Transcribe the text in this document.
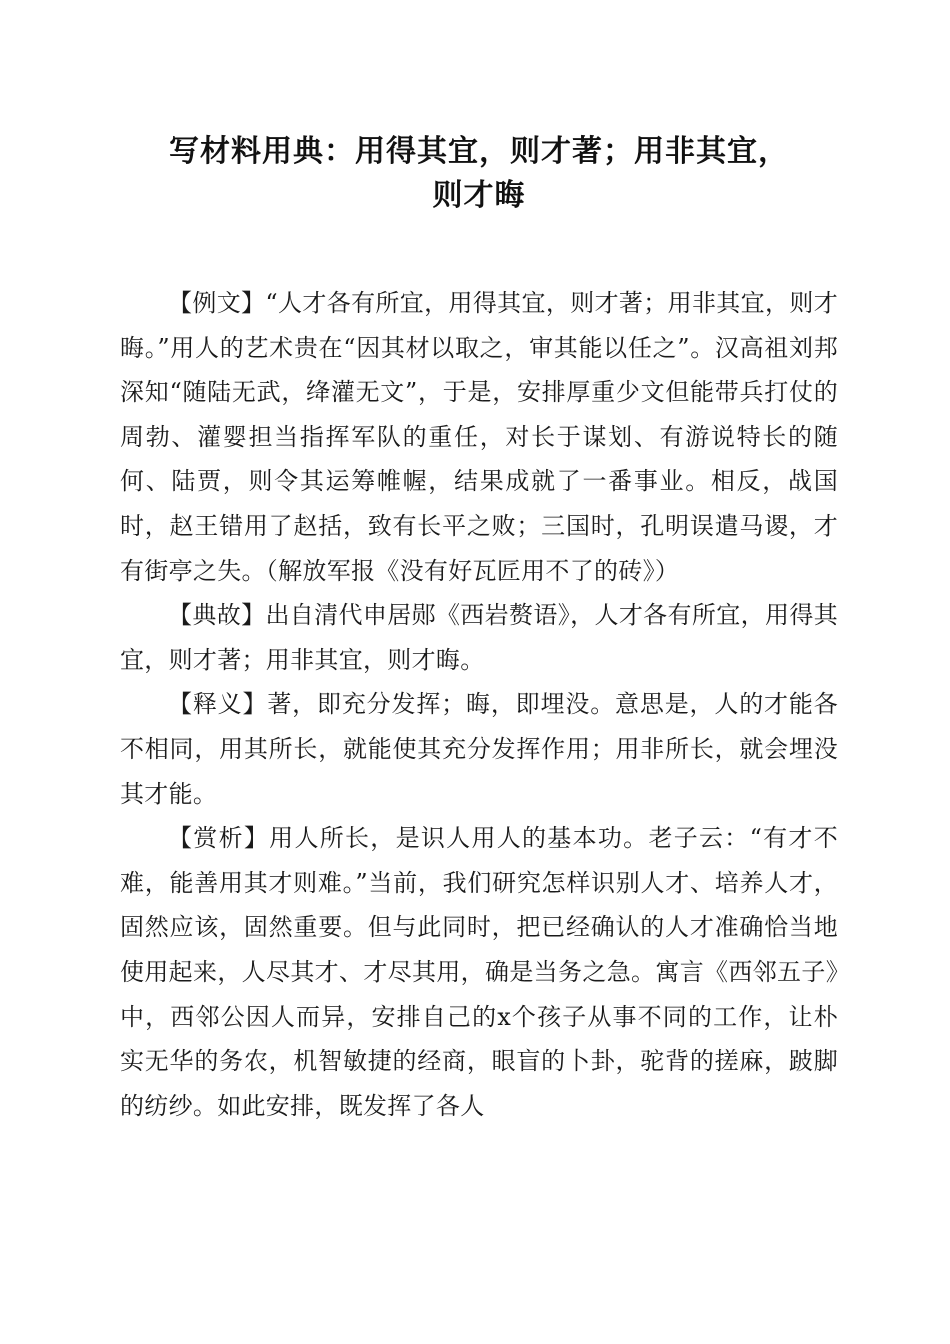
写材料用典：用得其宜，则才著；用非其宜，
则才晦

【例文】“人才各有所宜，用得其宜，则才著；用非其宜，则才晦。”用人的艺术贵在“因其材以取之，审其能以任之”。汉高祖刘邦深知“随陆无武，绛灌无文”，于是，安排厚重少文但能带兵打仗的周勃、灌婴担当指挥军队的重任，对长于谋划、有游说特长的随何、陆贾，则令其运筹帷幄，结果成就了一番事业。相反，战国时，赵王错用了赵括，致有长平之败；三国时，孔明误遣马谡，才有街亭之失。（解放军报《没有好瓦匠用不了的砖》）

【典故】出自清代申居郧《西岩赘语》，人才各有所宜，用得其宜，则才著；用非其宜，则才晦。

【释义】著，即充分发挥；晦，即埋没。意思是，人的才能各不相同，用其所长，就能使其充分发挥作用；用非所长，就会埋没其才能。

【赏析】用人所长，是识人用人的基本功。老子云：“有才不难，能善用其才则难。”当前，我们研究怎样识别人才、培养人才，固然应该，固然重要。但与此同时，把已经确认的人才准确恰当地使用起来，人尽其才、才尽其用，确是当务之急。寓言《西邻五子》中，西邻公因人而异，安排自己的x个孩子从事不同的工作，让朴实无华的务农，机智敏捷的经商，眼盲的卜卦，驼背的搓麻，跛脚的纺纱。如此安排，既发挥了各人
